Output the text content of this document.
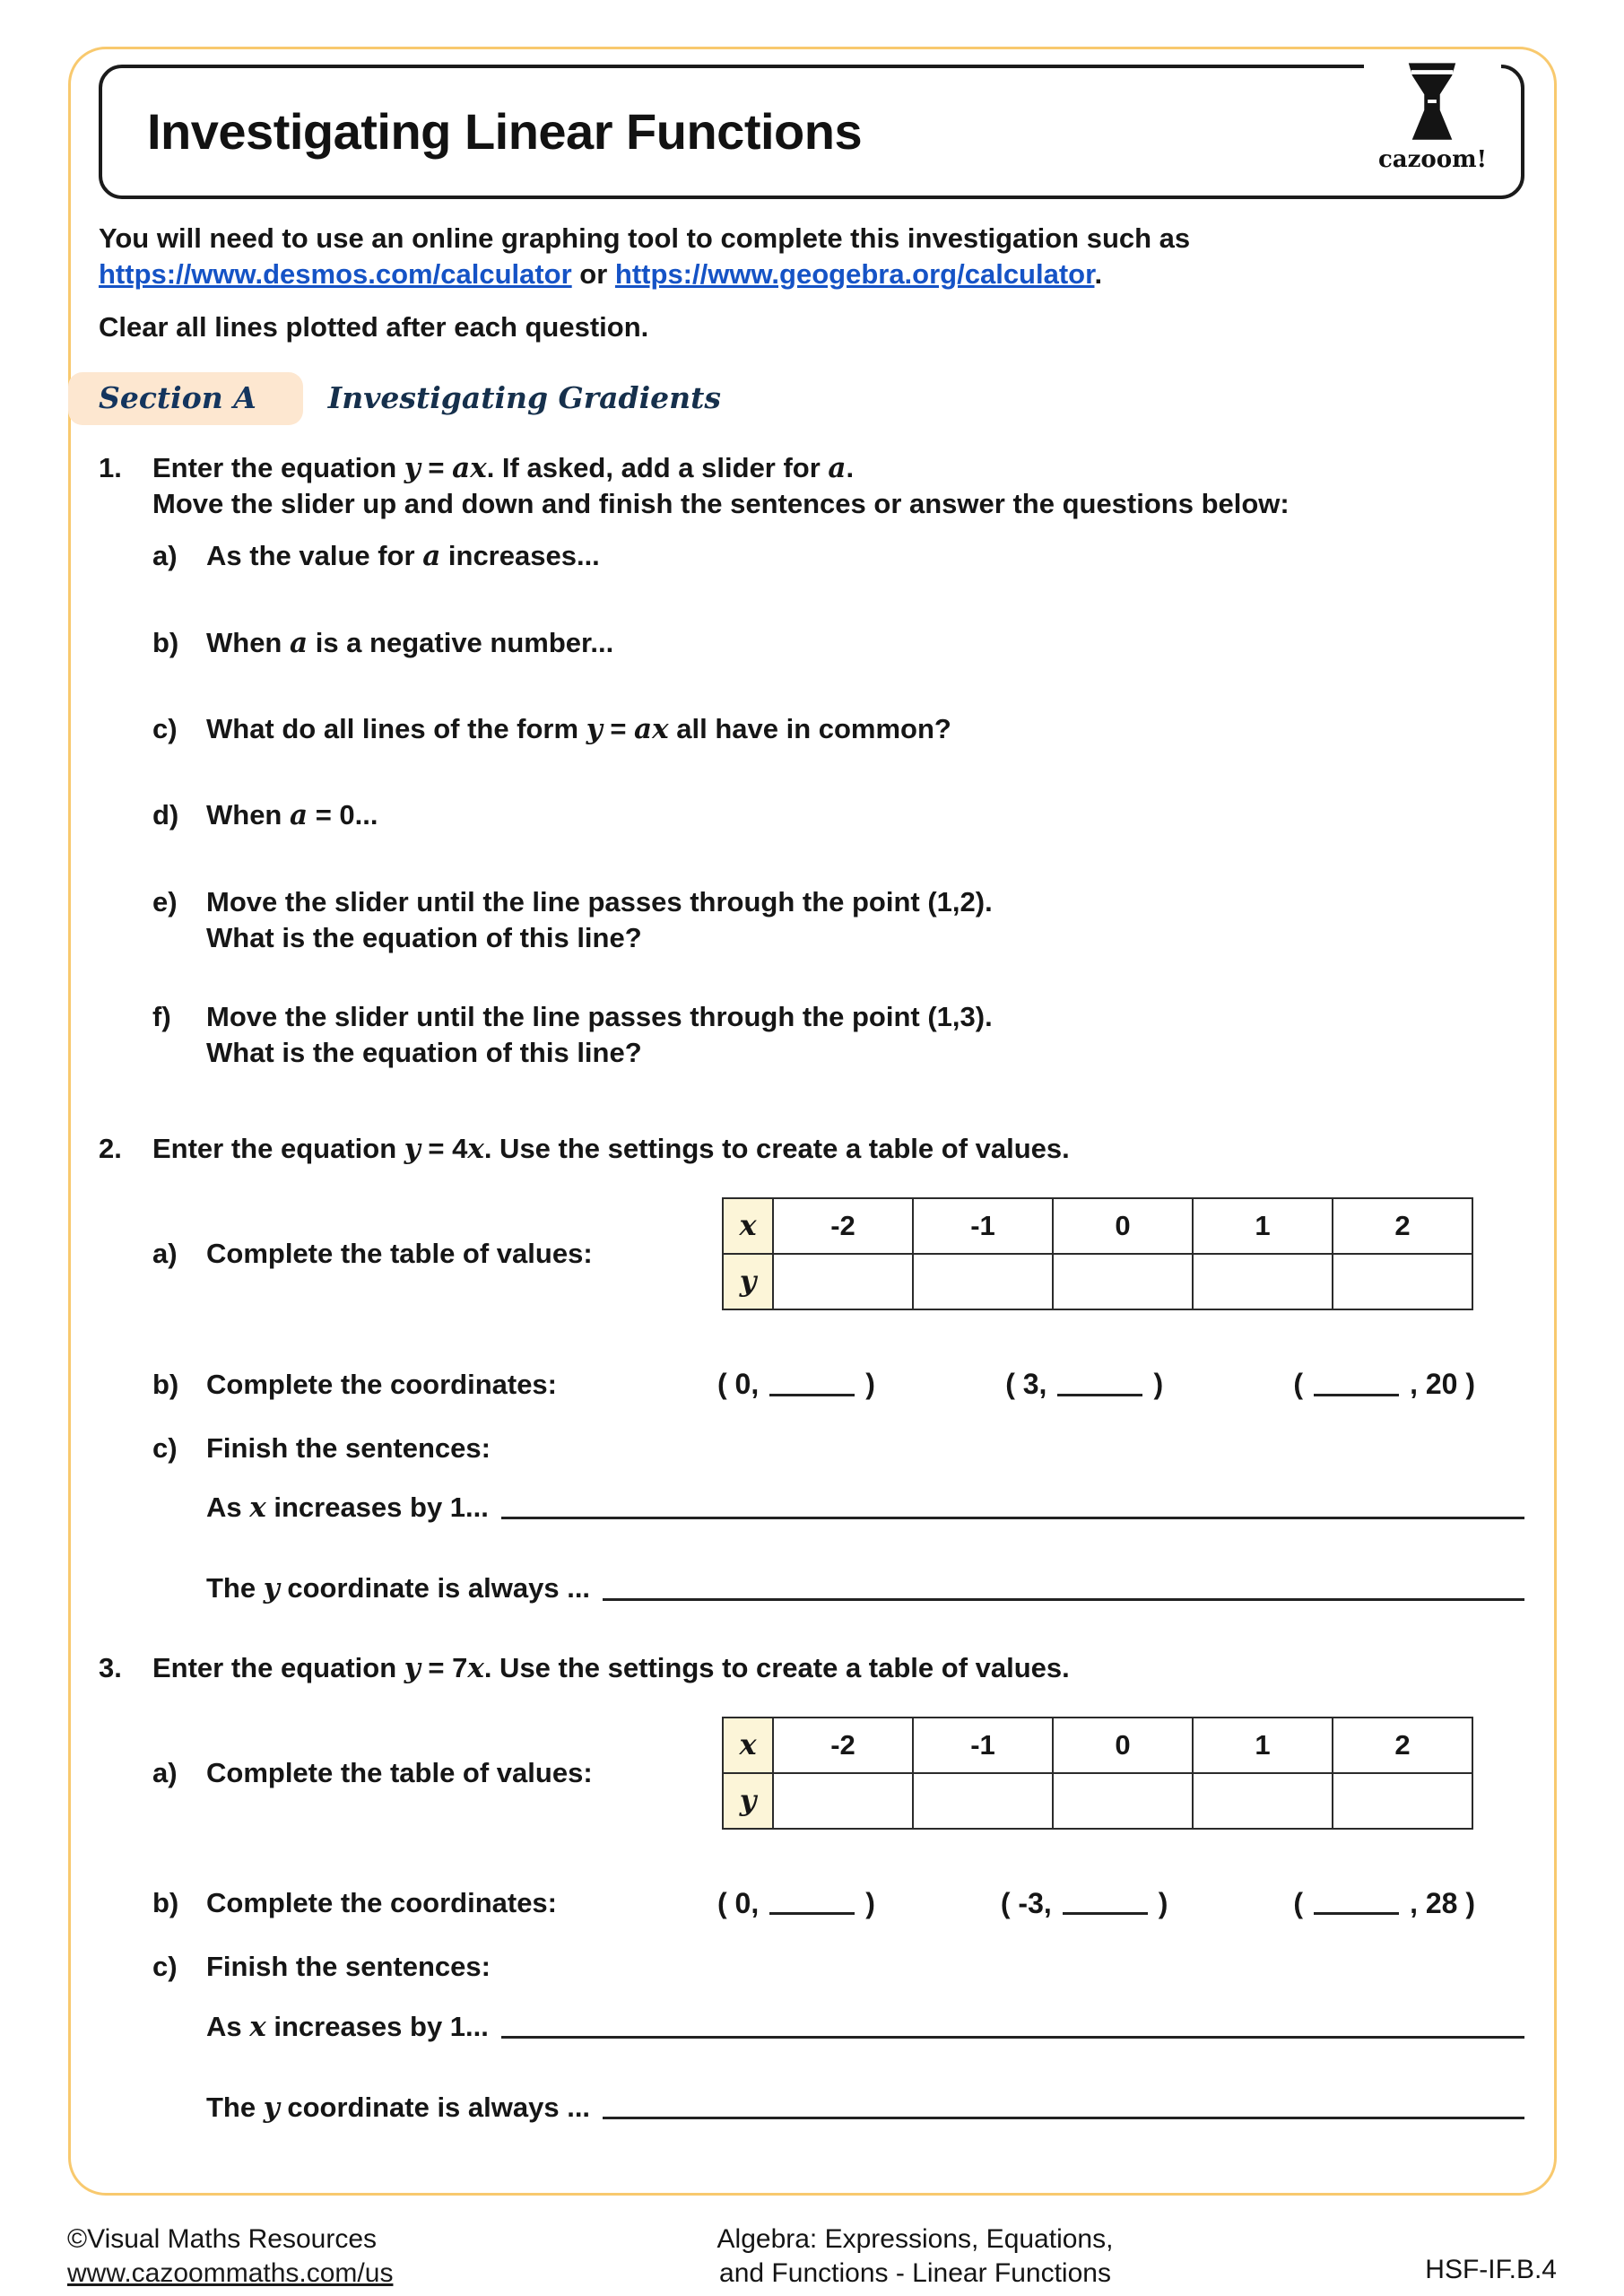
Investigating Linear Functions
cazoom!

You will need to use an online graphing tool to complete this investigation such as
https://www.desmos.com/calculator or https://www.geogebra.org/calculator.

Clear all lines plotted after each question.

Section A	Investigating Gradients
1.	Enter the equation y = ax. If asked, add a slider for a.
Move the slider up and down and finish the sentences or answer the questions below:
a)	As the value for a increases...
b) When a is a negative number...
c)	What do all lines of the form y = ax all have in common?
d) When a = 0...
e)	Move the slider until the line passes through the point (1,2).
What is the equation of this line?
f)	Move the slider until the line passes through the point (1,3).
What is the equation of this line?
2.	Enter the equation y = 4x. Use the settings to create a table of values.
a)	Complete the table of values:
x	-2	-1	0	1	2
y					
b) Complete the coordinates:	( 0,	)	( 3,	)	(	, 20 )
c)	Finish the sentences:
As x increases by 1...
The y coordinate is always ...
3.	Enter the equation y = 7x. Use the settings to create a table of values.
a)	Complete the table of values:
x	-2	-1	0	1	2
y					
b) Complete the coordinates:	( 0,	)	( -3,	)	(	, 28 )
c)	Finish the sentences:
As x increases by 1...
The y coordinate is always ...
©Visual Maths Resources
www.cazoommaths.com/us
Algebra: Expressions, Equations,
and Functions - Linear Functions	HSF-IF.B.4
